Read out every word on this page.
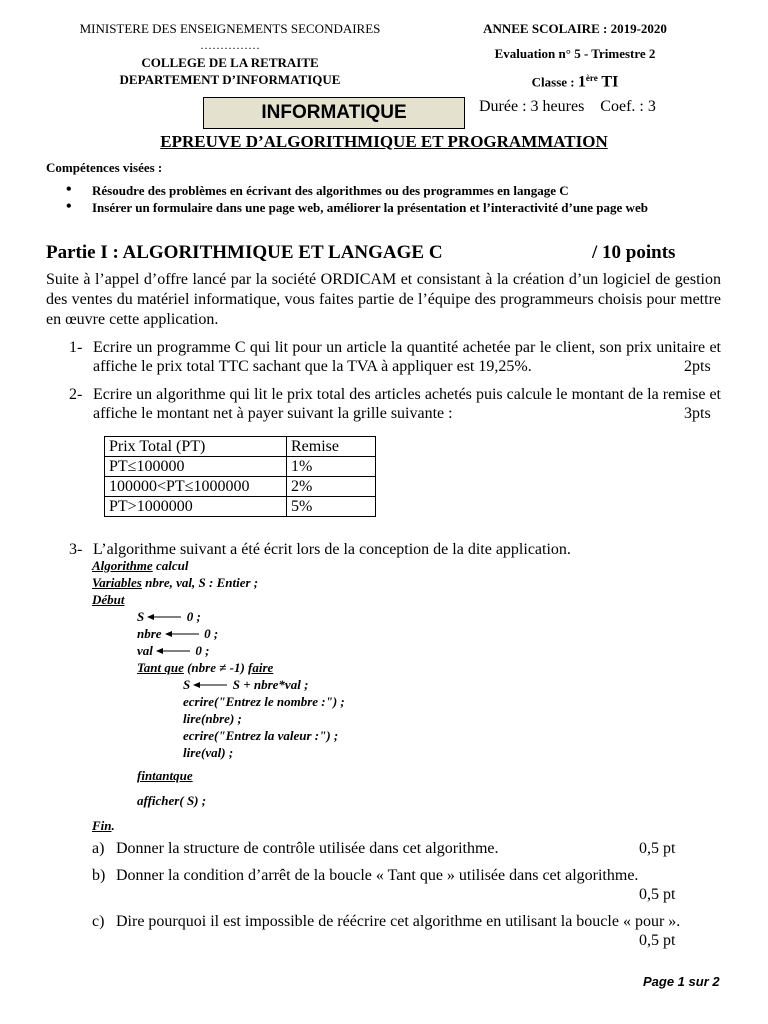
MINISTERE DES ENSEIGNEMENTS SECONDAIRES
……………
COLLEGE DE LA RETRAITE
DEPARTEMENT D’INFORMATIQUE
ANNEE SCOLAIRE : 2019-2020
Evaluation n° 5 - Trimestre 2
Classe : 1ère TI
INFORMATIQUE	Durée : 3 heures    Coef. : 3
EPREUVE D’ALGORITHMIQUE ET PROGRAMMATION
Compétences visées :
• Résoudre des problèmes en écrivant des algorithmes ou des programmes en langage C
• Insérer un formulaire dans une page web, améliorer la présentation et l’interactivité d’une page web
Partie I : ALGORITHMIQUE ET LANGAGE C	/ 10 points
Suite à l’appel d’offre lancé par la société ORDICAM et consistant à la création d’un logiciel de gestion des ventes du matériel informatique, vous faites partie de l’équipe des programmeurs choisis pour mettre en œuvre cette application.
1- Ecrire un programme C qui lit pour un article la quantité achetée par le client, son prix unitaire et affiche le prix total TTC sachant que la TVA à appliquer est 19,25%.	2pts
2- Ecrire un algorithme qui lit le prix total des articles achetés puis calcule le montant de la remise et affiche le montant net à payer suivant la grille suivante :	3pts
Prix Total (PT)	Remise
PT≤100000	1%
100000<PT≤1000000	2%
PT>1000000	5%
3- L’algorithme suivant a été écrit lors de la conception de la dite application.
Algorithme calcul
Variables nbre, val, S : Entier ;
Début
S	0 ;
nbre	0 ;
val	0 ;
Tant que (nbre ≠ -1) faire
S	S + nbre*val ;
ecrire("Entrez le nombre :") ;
lire(nbre) ;
ecrire("Entrez la valeur :") ;
lire(val) ;
fintantque
afficher( S) ;
Fin.
a) Donner la structure de contrôle utilisée dans cet algorithme.	0,5 pt
b) Donner la condition d’arrêt de la boucle « Tant que » utilisée dans cet algorithme.
0,5 pt
c) Dire pourquoi il est impossible de réécrire cet algorithme en utilisant la boucle « pour ».
0,5 pt
Page 1 sur 2
